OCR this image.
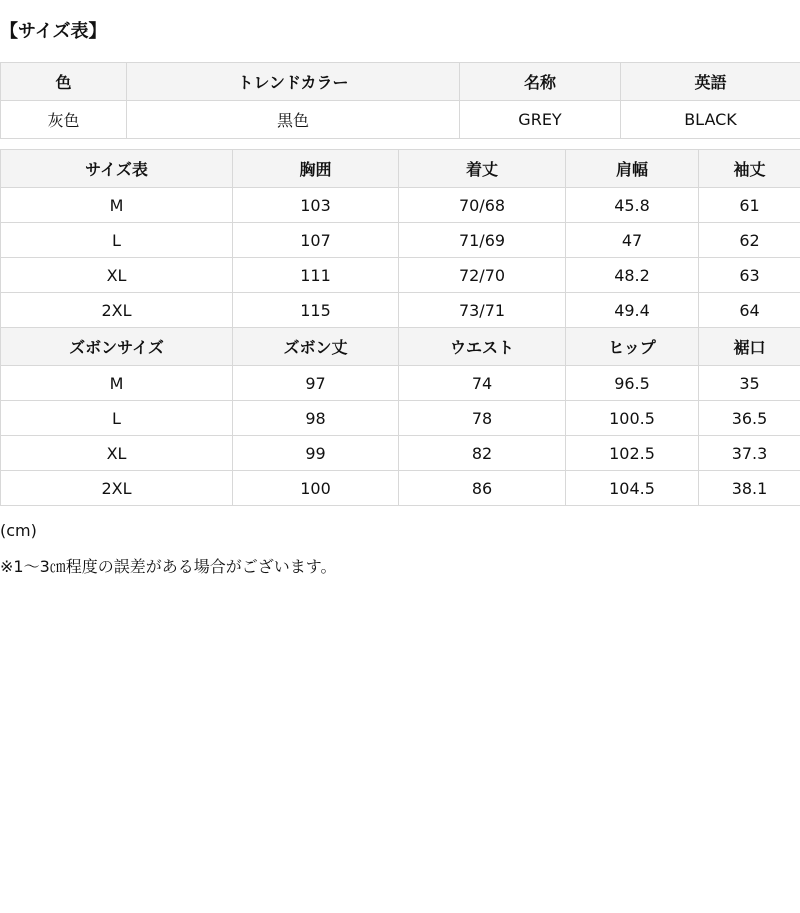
【サイズ表】
色	トレンドカラー	名称	英語
灰色	黒色	GREY	BLACK
サイズ表	胸囲	着丈	肩幅	袖丈
M	103	70/68	45.8	61
L	107	71/69	47	62
XL	111	72/70	48.2	63
2XL	115	73/71	49.4	64
ズボンサイズ	ズボン丈	ウエスト	ヒップ	裾口
M	97	74	96.5	35
L	98	78	100.5	36.5
XL	99	82	102.5	37.3
2XL	100	86	104.5	38.1
(cm)
※1～3㎝程度の誤差がある場合がございます。
